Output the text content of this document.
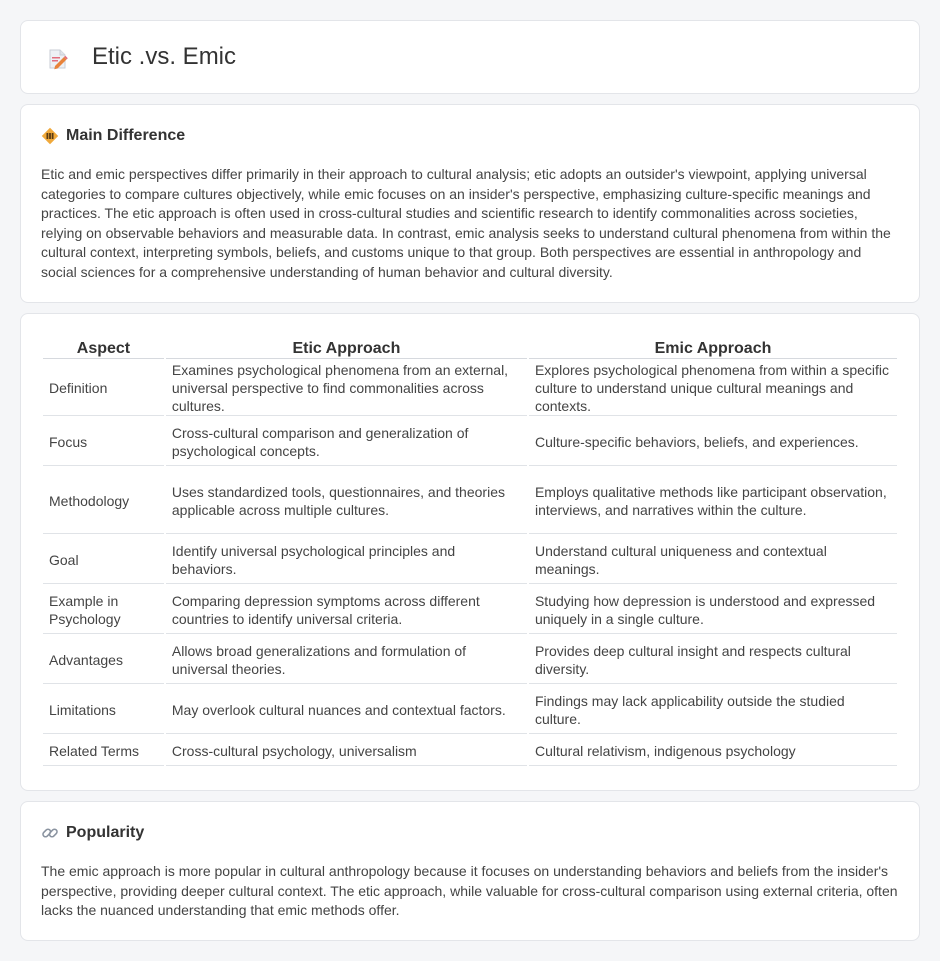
Etic .vs. Emic
Main Difference

Etic and emic perspectives differ primarily in their approach to cultural analysis; etic adopts an outsider's viewpoint, applying universal categories to compare cultures objectively, while emic focuses on an insider's perspective, emphasizing culture-specific meanings and practices. The etic approach is often used in cross-cultural studies and scientific research to identify commonalities across societies, relying on observable behaviors and measurable data. In contrast, emic analysis seeks to understand cultural phenomena from within the cultural context, interpreting symbols, beliefs, and customs unique to that group. Both perspectives are essential in anthropology and social sciences for a comprehensive understanding of human behavior and cultural diversity.

Aspect	Etic Approach	Emic Approach
Definition	Examines psychological phenomena from an external, universal perspective to find commonalities across cultures.	Explores psychological phenomena from within a specific culture to understand unique cultural meanings and contexts.
Focus	Cross-cultural comparison and generalization of psychological concepts.	Culture-specific behaviors, beliefs, and experiences.
Methodology	Uses standardized tools, questionnaires, and theories applicable across multiple cultures.	Employs qualitative methods like participant observation, interviews, and narratives within the culture.
Goal	Identify universal psychological principles and behaviors.	Understand cultural uniqueness and contextual meanings.
Example in Psychology	Comparing depression symptoms across different countries to identify universal criteria.	Studying how depression is understood and expressed uniquely in a single culture.
Advantages	Allows broad generalizations and formulation of universal theories.	Provides deep cultural insight and respects cultural diversity.
Limitations	May overlook cultural nuances and contextual factors.	Findings may lack applicability outside the studied culture.
Related Terms	Cross-cultural psychology, universalism	Cultural relativism, indigenous psychology
Popularity

The emic approach is more popular in cultural anthropology because it focuses on understanding behaviors and beliefs from the insider's perspective, providing deeper cultural context. The etic approach, while valuable for cross-cultural comparison using external criteria, often lacks the nuanced understanding that emic methods offer.
